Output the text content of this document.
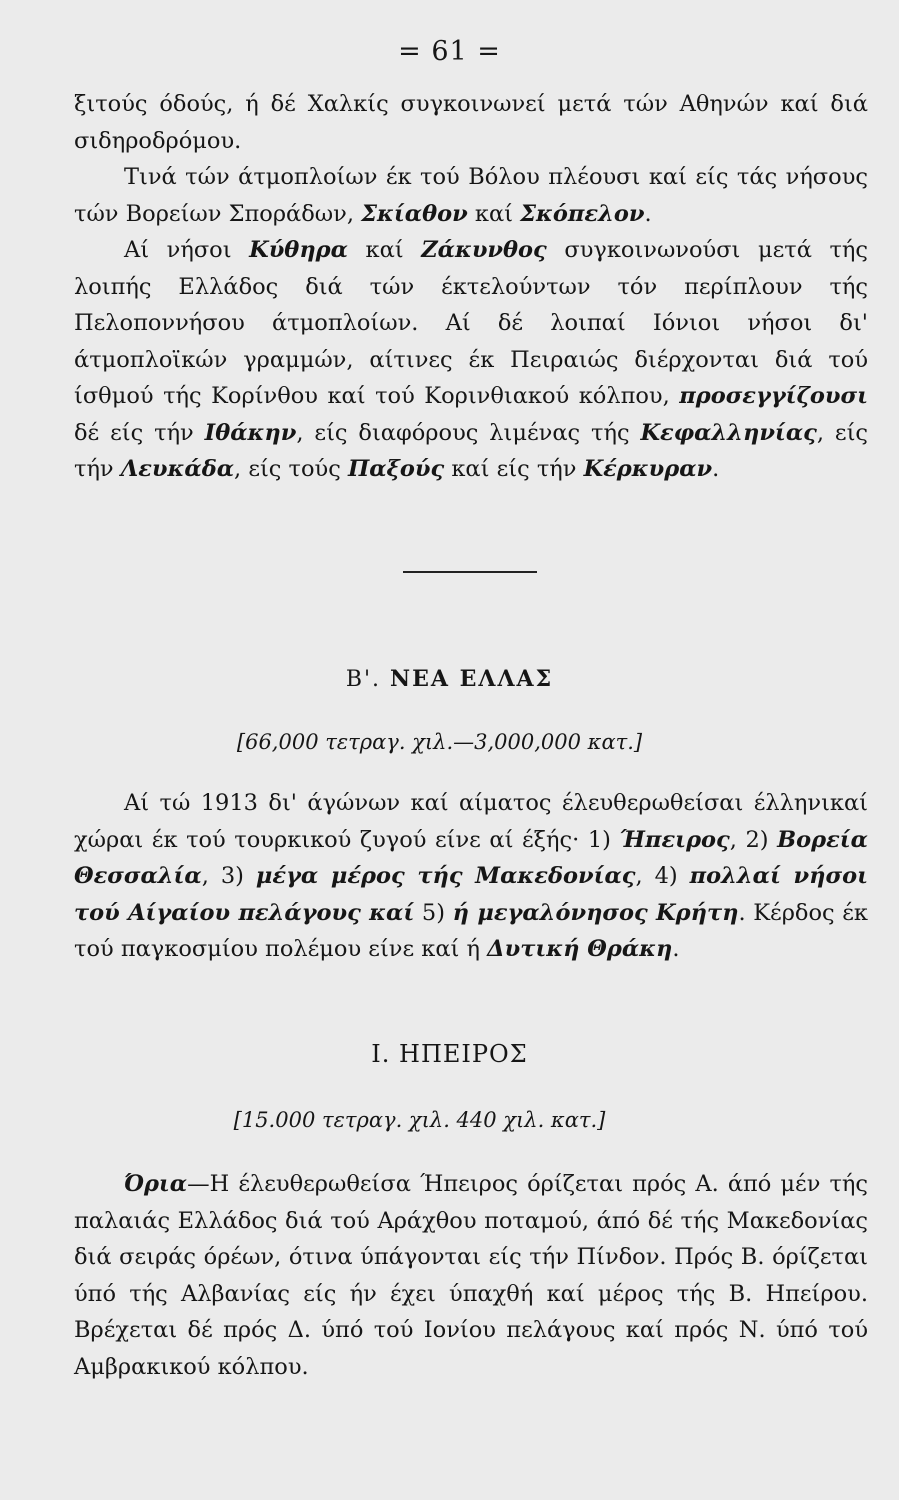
= 61 =

ξιτούς όδούς, ή δέ Χαλκίς συγκοινωνεί μετά τών Αθηνών καί διά σιδηροδρόμου.

Τινά τών άτμοπλοίων έκ τού Βόλου πλέουσι καί είς τάς νήσους τών Βορείων Σποράδων, Σκίαθον καί Σκόπελον.

Αί νήσοι Κύθηρα καί Ζάκυνθος συγκοινωνούσι μετά τής λοιπής Ελλάδος διά τών έκτελούντων τόν περίπλουν τής Πελοποννήσου άτμοπλοίων. Αί δέ λοιπαί Ιόνιοι νήσοι δι' άτμοπλοϊκών γραμμών, αίτινες έκ Πειραιώς διέρχονται διά τού ίσθμού τής Κορίνθου καί τού Κορινθιακού κόλπου, προσεγγίζουσι δέ είς τήν Ιθάκην, είς διαφόρους λιμένας τής Κεφαλληνίας, είς τήν Λευκάδα, είς τούς Παξούς καί είς τήν Κέρκυραν.

Β'. ΝΕΑ ΕΛΛΑΣ

[66,000 τετραγ. χιλ.—3,000,000 κατ.]

Αί τώ 1913 δι' άγώνων καί αίματος έλευθερωθείσαι έλληνικαί χώραι έκ τού τουρκικού ζυγού είνε αί έξής· 1) Ήπειρος, 2) Βορεία Θεσσαλία, 3) μέγα μέρος τής Μακεδονίας, 4) πολλαί νήσοι τού Αίγαίου πελάγους καί 5) ή μεγαλόνησος Κρήτη. Κέρδος έκ τού παγκοσμίου πολέμου είνε καί ή Δυτική Θράκη.

I. ΗΠΕΙΡΟΣ

[15.000 τετραγ. χιλ. 440 χιλ. κατ.]

Όρια—Η έλευθερωθείσα Ήπειρος όρίζεται πρός Α. άπό μέν τής παλαιάς Ελλάδος διά τού Αράχθου ποταμού, άπό δέ τής Μακεδονίας διά σειράς όρέων, ότινα ύπάγονται είς τήν Πίνδον. Πρός Β. όρίζεται ύπό τής Αλβανίας είς ήν έχει ύπαχθή καί μέρος τής Β. Ηπείρου. Βρέχεται δέ πρός Δ. ύπό τού Ιονίου πελάγους καί πρός Ν. ύπό τού Αμβρακικού κόλπου.
